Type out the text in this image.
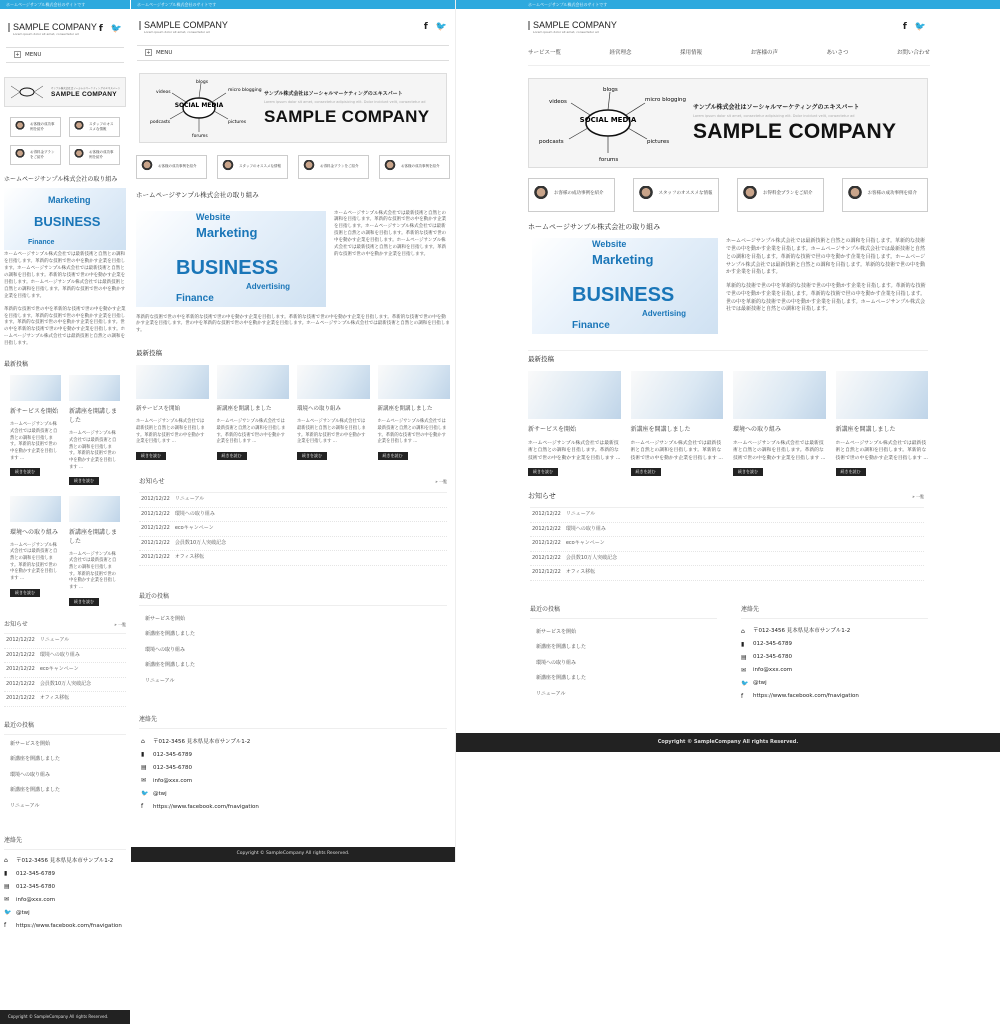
ホームページサンプル株式会社のサイトです
SAMPLE COMPANY
Lorem ipsum dolor sit amet, consectetur ad	f 🐦
+ MENU
サンプル株式会社はソーシャルマーケティングのエキスパート
SAMPLE COMPANY
お客様の成功事例を紹介
スタッフのオススメな情報
お得料金プランをご紹介
お客様の成功事例を紹介
ホームページサンプル株式会社の取り組み
Marketing
BUSINESS
Finance
ホームページサンプル株式会社では最新技術と自然との調和を目指します。革新的な技術で世の中を動かす企業を目指します。ホームページサンプル株式会社では最新技術と自然との調和を目指します。革新的な技術で世の中を動かす企業を目指します。ホームページサンプル株式会社では最新技術と自然との調和を目指します。革新的な技術で世の中を動かす企業を目指します。
革新的な技術で世の中を革新的な技術で世の中を動かす企業を目指します。革新的な技術で世の中を動かす企業を目指します。革新的な技術で世の中を動かす企業を目指します。世の中を革新的な技術で世の中を動かす企業を目指します。ホームページサンプル株式会社では最新技術と自然との調和を目指します。
最新投稿
新サービスを開始
ホームページサンプル株式会社では最新技術と自然との調和を目指します。革新的な技術で世の中を動かす企業を目指します ...
続きを読む
新講座を開講しました
ホームページサンプル株式会社では最新技術と自然との調和を目指します。革新的な技術で世の中を動かす企業を目指します ...
続きを読む
環境への取り組み
ホームページサンプル株式会社では最新技術と自然との調和を目指します。革新的な技術で世の中を動かす企業を目指します ...
続きを読む
新講座を開講しました
ホームページサンプル株式会社では最新技術と自然との調和を目指します。革新的な技術で世の中を動かす企業を目指します ...
続きを読む
お知らせ	» 一覧
2012/12/22　リニューアル
2012/12/22　環境への取り組み
2012/12/22　ecoキャンペーン
2012/12/22　会員数10万人突破記念
2012/12/22　オフィス移転
最近の投稿
新サービスを開始
新講座を開講しました
環境への取り組み
新講座を開講しました
リニューアル
連絡先
⌂	〒012-3456 見本県見本市サンプル1-2
▮	012-345-6789
▤ 012-345-6780
✉ info@xxx.com
🐦 @twj
f	https://www.facebook.com/fnavigation
Copyright © SampleCompany All rights Reserved.
ホームページサンプル株式会社のサイトです
SAMPLE COMPANY
Lorem ipsum dolor sit amet, consectetur ad	f 🐦
+ MENU
SOCIAL MEDIA
blogs
micro blogging
videos
pictures
podcasts
forums
サンプル株式会社はソーシャルマーケティングのエキスパート
Lorem ipsum dolor sit amet, consectetur adipisicing elit. Dolor incidunt velit, consectetur ad
SAMPLE COMPANY
お客様の成功事例を紹介	スタッフのオススメな情報	お得料金プランをご紹介	お客様の成功事例を紹介
ホームページサンプル株式会社の取り組み
Website
Marketing
BUSINESS
Finance
Advertising
ホームページサンプル株式会社では最新技術と自然との調和を目指します。革新的な技術で世の中を動かす企業を目指します。ホームページサンプル株式会社では最新技術と自然との調和を目指します。革新的な技術で世の中を動かす企業を目指します。ホームページサンプル株式会社では最新技術と自然との調和を目指します。革新的な技術で世の中を動かす企業を目指します。
革新的な技術で世の中を革新的な技術で世の中を動かす企業を目指します。革新的な技術で世の中を動かす企業を目指します。革新的な技術で世の中を動かす企業を目指します。世の中を革新的な技術で世の中を動かす企業を目指します。ホームページサンプル株式会社では最新技術と自然との調和を目指します。
最新投稿
新サービスを開始
ホームページサンプル株式会社では最新技術と自然との調和を目指します。革新的な技術で世の中を動かす企業を目指します ...
続きを読む
新講座を開講しました
ホームページサンプル株式会社では最新技術と自然との調和を目指します。革新的な技術で世の中を動かす企業を目指します ...
続きを読む
環境への取り組み
ホームページサンプル株式会社では最新技術と自然との調和を目指します。革新的な技術で世の中を動かす企業を目指します ...
続きを読む
新講座を開講しました
ホームページサンプル株式会社では最新技術と自然との調和を目指します。革新的な技術で世の中を動かす企業を目指します ...
続きを読む
お知らせ	» 一覧
2012/12/22　リニューアル
2012/12/22　環境への取り組み
2012/12/22　ecoキャンペーン
2012/12/22　会員数10万人突破記念
2012/12/22　オフィス移転
最近の投稿
新サービスを開始
新講座を開講しました
環境への取り組み
新講座を開講しました
リニューアル
連絡先
⌂	〒012-3456 見本県見本市サンプル1-2
▮	012-345-6789
▤ 012-345-6780
✉ info@xxx.com
🐦 @twj
f	https://www.facebook.com/fnavigation
Copyright © SampleCompany All rights Reserved.
ホームページサンプル株式会社のサイトです
SAMPLE COMPANY
Lorem ipsum dolor sit amet, consectetur ad	f 🐦
サービス一覧	経営理念	採用情報	お客様の声	あいさつ	お問い合わせ
SOCIAL MEDIA
blogs
micro blogging
videos
pictures
podcasts
forums
サンプル株式会社はソーシャルマーケティングのエキスパート
Lorem ipsum dolor sit amet, consectetur adipisicing elit. Dolor incidunt velit, consectetur ad
SAMPLE COMPANY
お客様の成功事例を紹介	スタッフのオススメな情報	お得料金プランをご紹介	お客様の成功事例を紹介
ホームページサンプル株式会社の取り組み
Website
Marketing
BUSINESS
Finance
Advertising
ホームページサンプル株式会社では最新技術と自然との調和を目指します。革新的な技術で世の中を動かす企業を目指します。ホームページサンプル株式会社では最新技術と自然との調和を目指します。革新的な技術で世の中を動かす企業を目指します。ホームページサンプル株式会社では最新技術と自然との調和を目指します。革新的な技術で世の中を動かす企業を目指します。
革新的な技術で世の中を革新的な技術で世の中を動かす企業を目指します。革新的な技術で世の中を動かす企業を目指します。革新的な技術で世の中を動かす企業を目指します。世の中を革新的な技術で世の中を動かす企業を目指します。ホームページサンプル株式会社では最新技術と自然との調和を目指します。
最新投稿
新サービスを開始
ホームページサンプル株式会社では最新技術と自然との調和を目指します。革新的な技術で世の中を動かす企業を目指します ...
続きを読む
新講座を開講しました
ホームページサンプル株式会社では最新技術と自然との調和を目指します。革新的な技術で世の中を動かす企業を目指します ...
続きを読む
環境への取り組み
ホームページサンプル株式会社では最新技術と自然との調和を目指します。革新的な技術で世の中を動かす企業を目指します ...
続きを読む
新講座を開講しました
ホームページサンプル株式会社では最新技術と自然との調和を目指します。革新的な技術で世の中を動かす企業を目指します ...
続きを読む
お知らせ	» 一覧
2012/12/22　リニューアル
2012/12/22　環境への取り組み
2012/12/22　ecoキャンペーン
2012/12/22　会員数10万人突破記念
2012/12/22　オフィス移転
最近の投稿
新サービスを開始
新講座を開講しました
環境への取り組み
新講座を開講しました
リニューアル
連絡先
⌂	〒012-3456 見本県見本市サンプル1-2
▮	012-345-6789
▤ 012-345-6780
✉ info@xxx.com
🐦 @twj
f	https://www.facebook.com/fnavigation
Copyright © SampleCompany All rights Reserved.
